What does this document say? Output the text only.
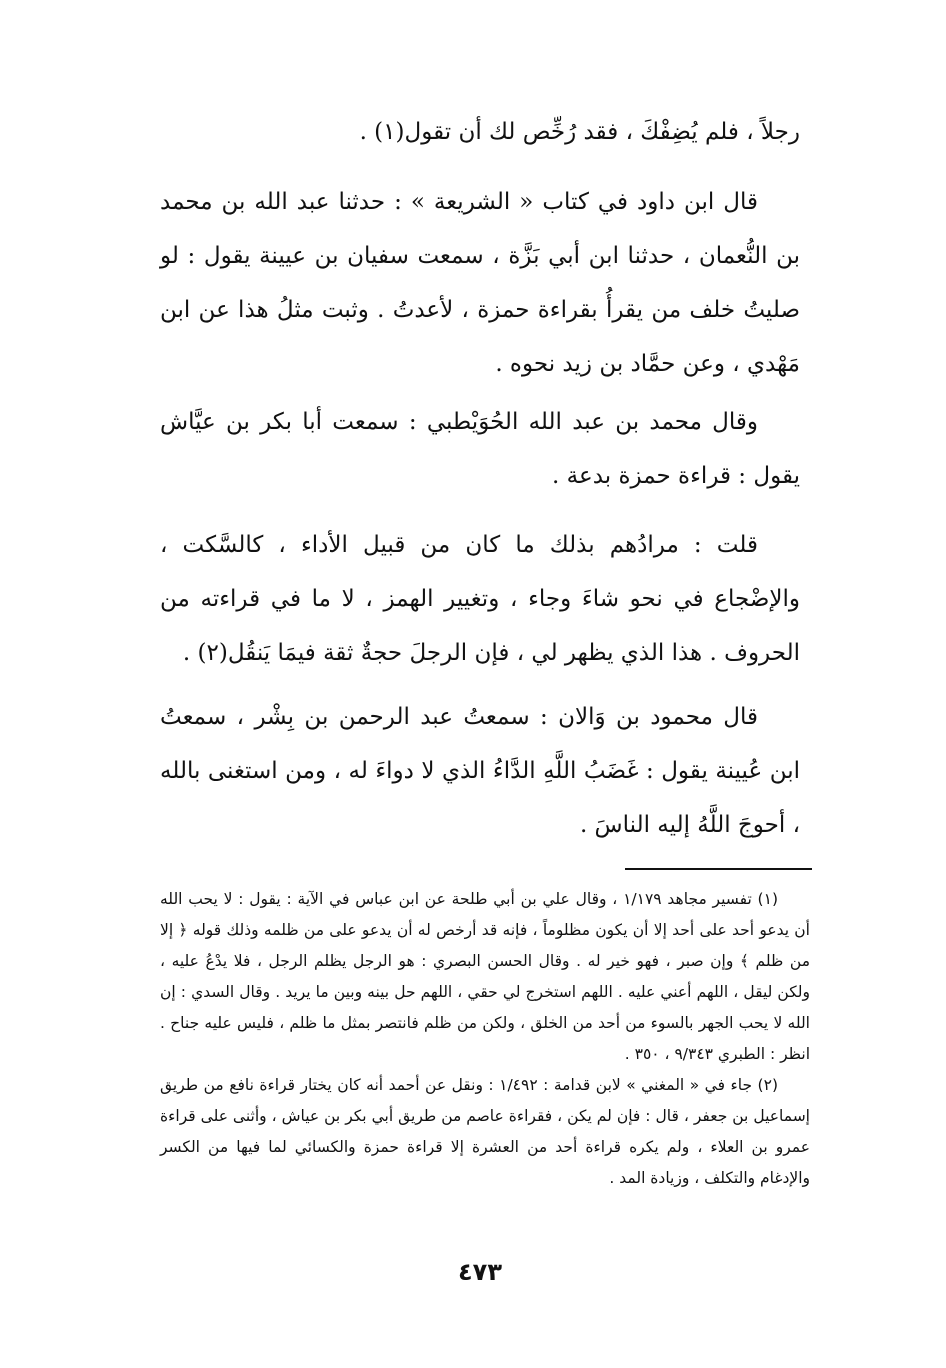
رجلاً ، فلم يُضِفْكَ ، فقد رُخِّص لك أن تقول(١) .

قال ابن داود في كتاب « الشريعة » : حدثنا عبد الله بن محمد بن النُّعمان ، حدثنا ابن أبي بَزَّة ، سمعت سفيان بن عيينة يقول : لو صليتُ خلف من يقرأُ بقراءة حمزة ، لأعدتُ . وثبت مثلُ هذا عن ابن مَهْدي ، وعن حمَّاد بن زيد نحوه .

وقال محمد بن عبد الله الحُوَيْطبي : سمعت أبا بكر بن عيَّاش يقول : قراءة حمزة بدعة .

قلت : مرادُهم بذلك ما كان من قبيل الأداء ، كالسَّكت ، والإضْجاع في نحو شاءَ وجاء ، وتغيير الهمز ، لا ما في قراءته من الحروف . هذا الذي يظهر لي ، فإن الرجلَ حجةٌ ثقة فيمَا يَنقُل(٢) .

قال محمود بن وَالان : سمعتُ عبد الرحمن بن بِشْر ، سمعتُ ابن عُيينة يقول : غَضَبُ اللَّهِ الدَّاءُ الذي لا دواءَ له ، ومن استغنى بالله ، أحوجَ اللَّهُ إليه الناسَ .

(١) تفسير مجاهد ١/١٧٩ ، وقال علي بن أبي طلحة عن ابن عباس في الآية : يقول : لا يحب الله أن يدعو أحد على أحد إلا أن يكون مظلوماً ، فإنه قد أرخص له أن يدعو على من ظلمه وذلك قوله ﴿ إلا من ظلم ﴾ وإن صبر ، فهو خير له . وقال الحسن البصري : هو الرجل يظلم الرجل ، فلا يدْعُ عليه ، ولكن ليقل ، اللهم أعني عليه . اللهم استخرج لي حقي ، اللهم حل بينه وبين ما يريد . وقال السدي : إن الله لا يحب الجهر بالسوء من أحد من الخلق ، ولكن من ظلم فانتصر بمثل ما ظلم ، فليس عليه جناح . انظر : الطبري ٩/٣٤٣ ، ٣٥٠ .

(٢) جاء في « المغني » لابن قدامة : ١/٤٩٢ : ونقل عن أحمد أنه كان يختار قراءة نافع من طريق إسماعيل بن جعفر ، قال : فإن لم يكن ، فقراءة عاصم من طريق أبي بكر بن عياش ، وأثنى على قراءة عمرو بن العلاء ، ولم يكره قراءة أحد من العشرة إلا قراءة حمزة والكسائي لما فيها من الكسر والإدغام والتكلف ، وزيادة المد .

٤٧٣
